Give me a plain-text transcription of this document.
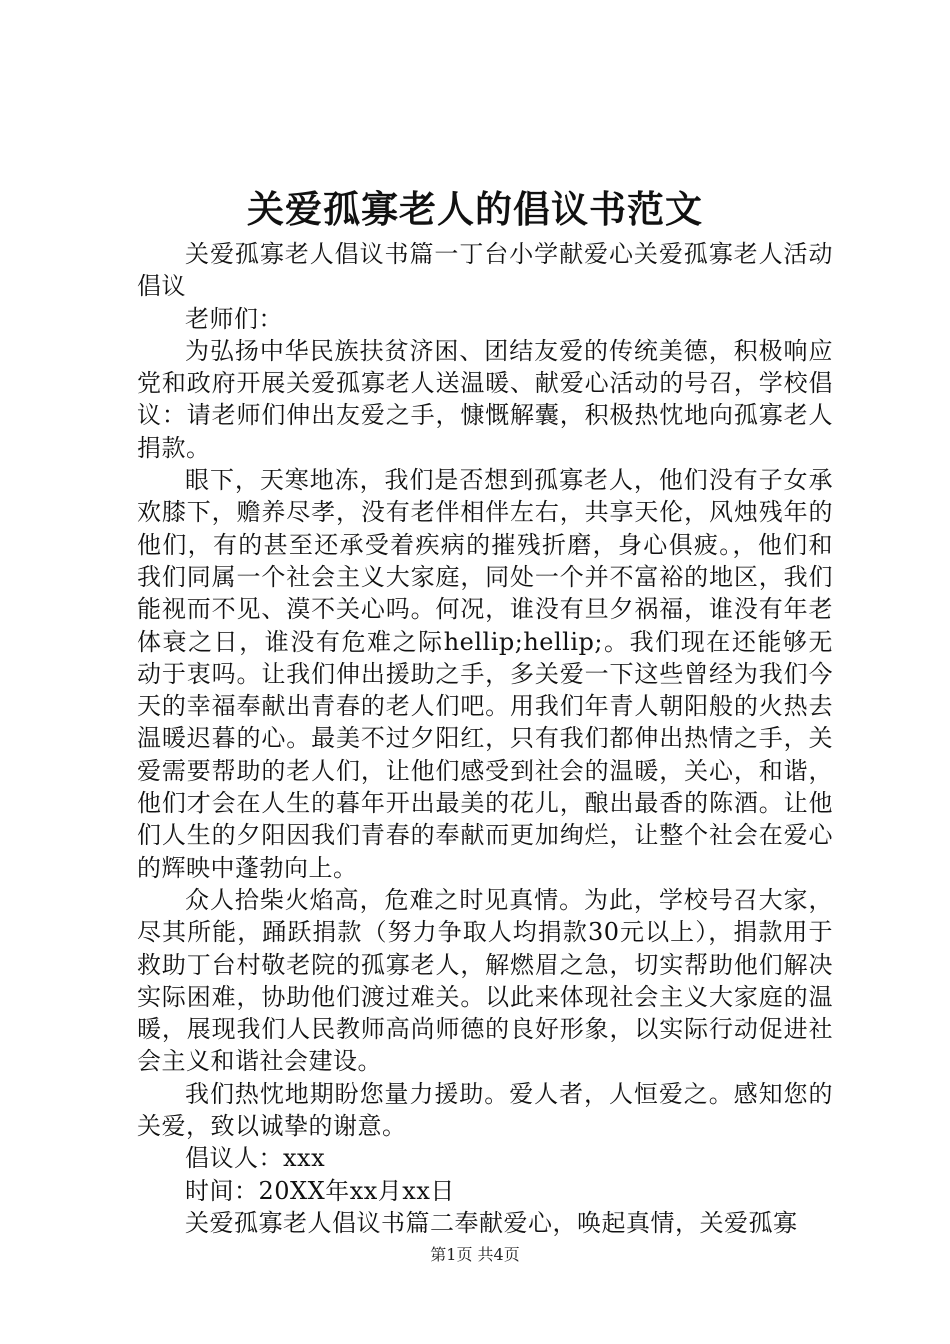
关爱孤寡老人的倡议书范文

关爱孤寡老人倡议书篇一丁台小学献爱心关爱孤寡老人活动倡议

老师们：

为弘扬中华民族扶贫济困、团结友爱的传统美德，积极响应党和政府开展关爱孤寡老人送温暖、献爱心活动的号召，学校倡议：请老师们伸出友爱之手，慷慨解囊，积极热忱地向孤寡老人捐款。

眼下，天寒地冻，我们是否想到孤寡老人，他们没有子女承欢膝下，赡养尽孝，没有老伴相伴左右，共享天伦，风烛残年的他们，有的甚至还承受着疾病的摧残折磨，身心俱疲。，他们和我们同属一个社会主义大家庭，同处一个并不富裕的地区，我们能视而不见、漠不关心吗。何况，谁没有旦夕祸福，谁没有年老体衰之日，谁没有危难之际hellip;hellip;。我们现在还能够无动于衷吗。让我们伸出援助之手，多关爱一下这些曾经为我们今天的幸福奉献出青春的老人们吧。用我们年青人朝阳般的火热去温暖迟暮的心。最美不过夕阳红，只有我们都伸出热情之手，关爱需要帮助的老人们，让他们感受到社会的温暖，关心，和谐，他们才会在人生的暮年开出最美的花儿，酿出最香的陈酒。让他们人生的夕阳因我们青春的奉献而更加绚烂，让整个社会在爱心的辉映中蓬勃向上。

众人拾柴火焰高，危难之时见真情。为此，学校号召大家，尽其所能，踊跃捐款（努力争取人均捐款30元以上），捐款用于救助丁台村敬老院的孤寡老人，解燃眉之急，切实帮助他们解决实际困难，协助他们渡过难关。以此来体现社会主义大家庭的温暖，展现我们人民教师高尚师德的良好形象，以实际行动促进社会主义和谐社会建设。

我们热忱地期盼您量力援助。爱人者，人恒爱之。感知您的关爱，致以诚挚的谢意。

倡议人：xxx

时间：20XX年xx月xx日

关爱孤寡老人倡议书篇二奉献爱心，唤起真情，关爱孤寡

第1页 共4页
